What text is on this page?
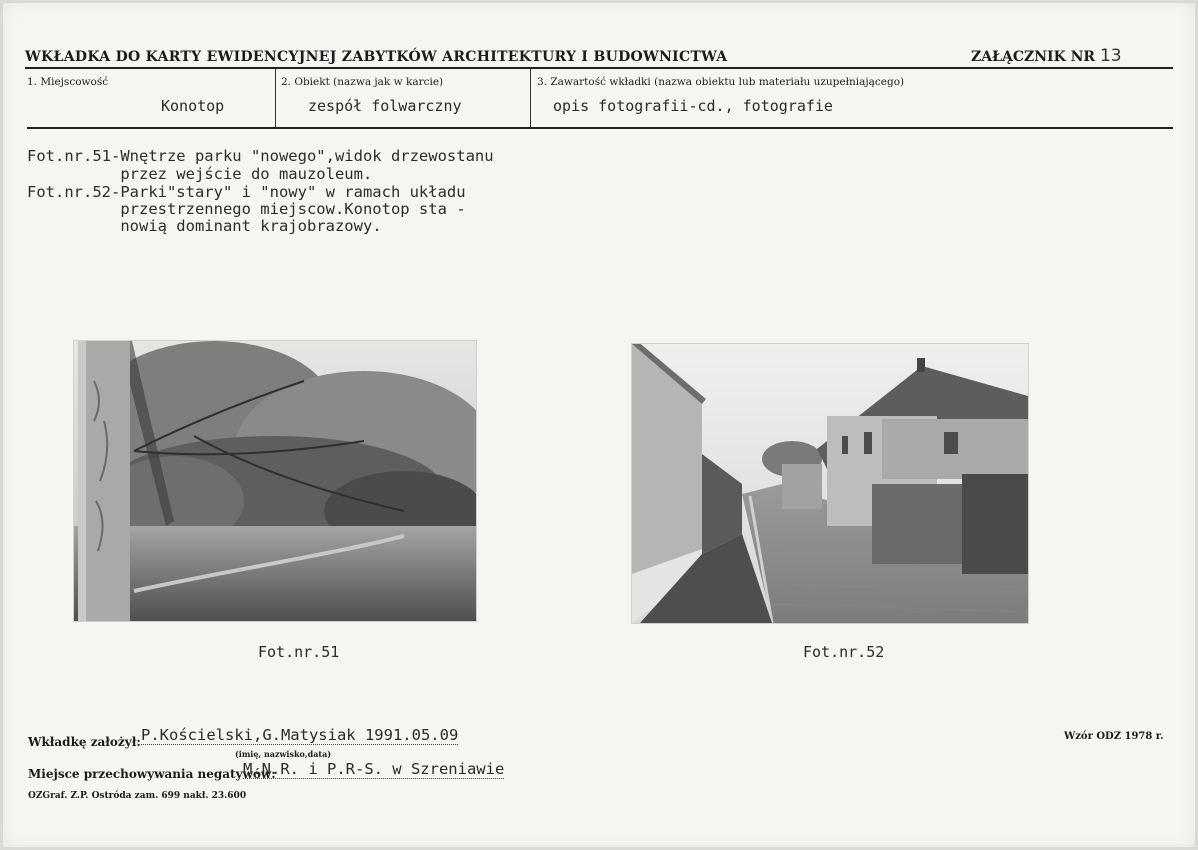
WKŁADKA DO KARTY EWIDENCYJNEJ ZABYTKÓW ARCHITEKTURY I BUDOWNICTWA	ZAŁĄCZNIK NR 13
1. Miejscowość
Konotop
2. Obiekt (nazwa jak w karcie)
zespół folwarczny
3. Zawartość wkładki (nazwa obiektu lub materiału uzupełniającego)
opis fotografii-cd., fotografie
Fot.nr.51-Wnętrze parku "nowego",widok drzewostanu
przez wejście do mauzoleum.
Fot.nr.52-Parki"stary" i "nowy" w ramach układu
przestrzennego miejscow.Konotop sta -
nowią dominant krajobrazowy.
Fot.nr.51	Fot.nr.52
Wkładkę założył: P.Kościelski,G.Matysiak 1991.05.09
(imię, nazwisko,data)
Miejsce przechowywania negatywów:
M.N.R. i P.R-S. w Szreniawie
Wzór ODZ 1978 r.
OZGraf. Z.P. Ostróda zam. 699 nakł. 23.600
